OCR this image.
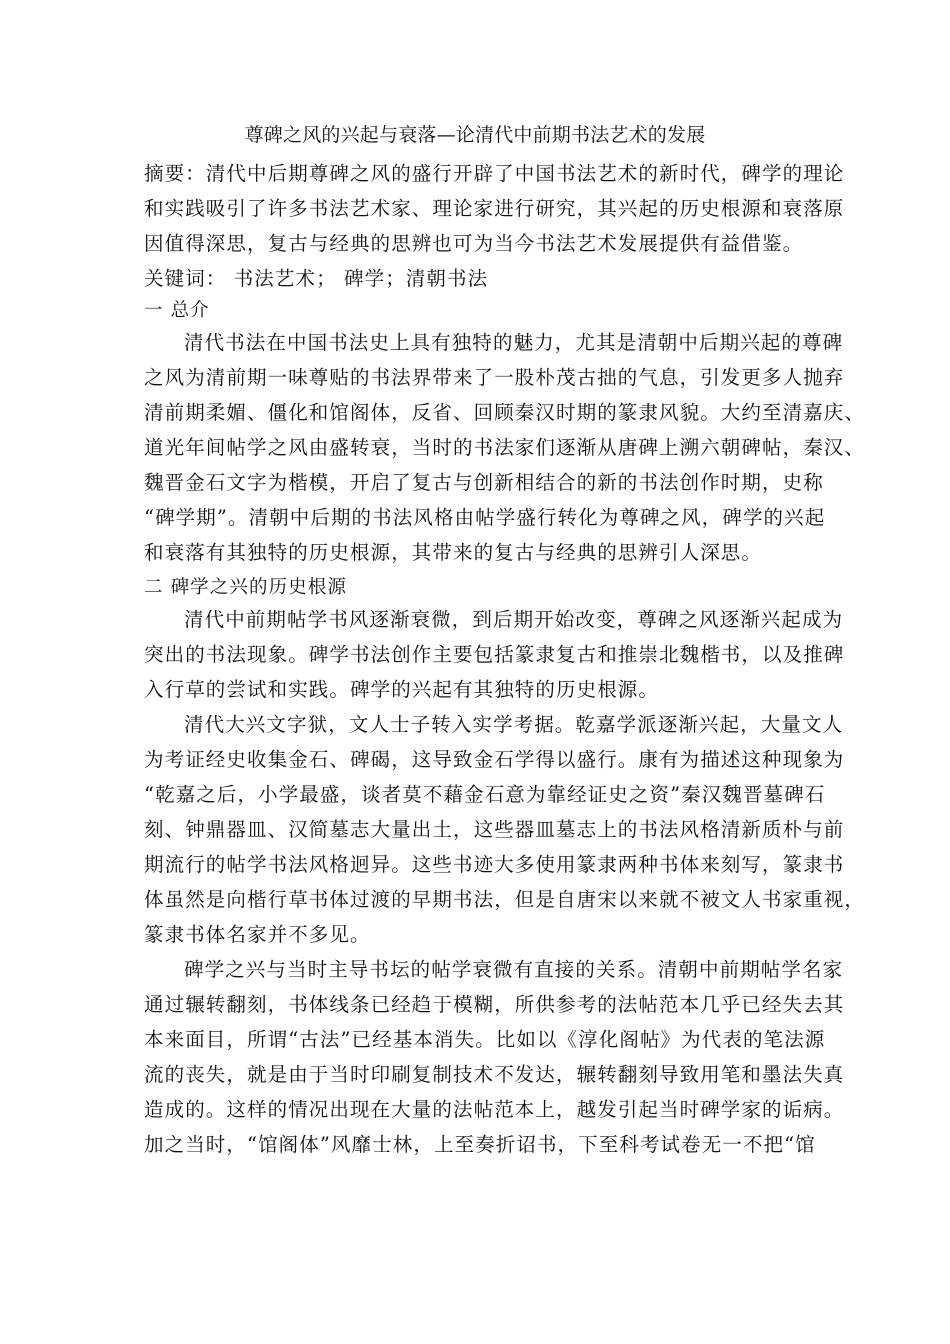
尊碑之风的兴起与衰落—论清代中前期书法艺术的发展
摘要：清代中后期尊碑之风的盛行开辟了中国书法艺术的新时代，碑学的理论
和实践吸引了许多书法艺术家、理论家进行研究，其兴起的历史根源和衰落原
因值得深思，复古与经典的思辨也可为当今书法艺术发展提供有益借鉴。
关键词： 书法艺术； 碑学；清朝书法
一 总介
清代书法在中国书法史上具有独特的魅力，尤其是清朝中后期兴起的尊碑
之风为清前期一味尊贴的书法界带来了一股朴茂古拙的气息，引发更多人抛弃
清前期柔媚、僵化和馆阁体，反省、回顾秦汉时期的篆隶风貌。大约至清嘉庆、
道光年间帖学之风由盛转衰，当时的书法家们逐渐从唐碑上溯六朝碑帖，秦汉、
魏晋金石文字为楷模，开启了复古与创新相结合的新的书法创作时期，史称
“碑学期”。清朝中后期的书法风格由帖学盛行转化为尊碑之风，碑学的兴起
和衰落有其独特的历史根源，其带来的复古与经典的思辨引人深思。
二 碑学之兴的历史根源
清代中前期帖学书风逐渐衰微，到后期开始改变，尊碑之风逐渐兴起成为
突出的书法现象。碑学书法创作主要包括篆隶复古和推崇北魏楷书，以及推碑
入行草的尝试和实践。碑学的兴起有其独特的历史根源。
清代大兴文字狱，文人士子转入实学考据。乾嘉学派逐渐兴起，大量文人
为考证经史收集金石、碑碣，这导致金石学得以盛行。康有为描述这种现象为
“乾嘉之后，小学最盛，谈者莫不藉金石意为靠经证史之资”秦汉魏晋墓碑石
刻、钟鼎器皿、汉简墓志大量出土，这些器皿墓志上的书法风格清新质朴与前
期流行的帖学书法风格迥异。这些书迹大多使用篆隶两种书体来刻写，篆隶书
体虽然是向楷行草书体过渡的早期书法，但是自唐宋以来就不被文人书家重视，
篆隶书体名家并不多见。
碑学之兴与当时主导书坛的帖学衰微有直接的关系。清朝中前期帖学名家
通过辗转翻刻，书体线条已经趋于模糊，所供参考的法帖范本几乎已经失去其
本来面目，所谓“古法”已经基本消失。比如以《淳化阁帖》为代表的笔法源
流的丧失，就是由于当时印刷复制技术不发达，辗转翻刻导致用笔和墨法失真
造成的。这样的情况出现在大量的法帖范本上，越发引起当时碑学家的诟病。
加之当时，“馆阁体”风靡士林，上至奏折诏书，下至科考试卷无一不把“馆
